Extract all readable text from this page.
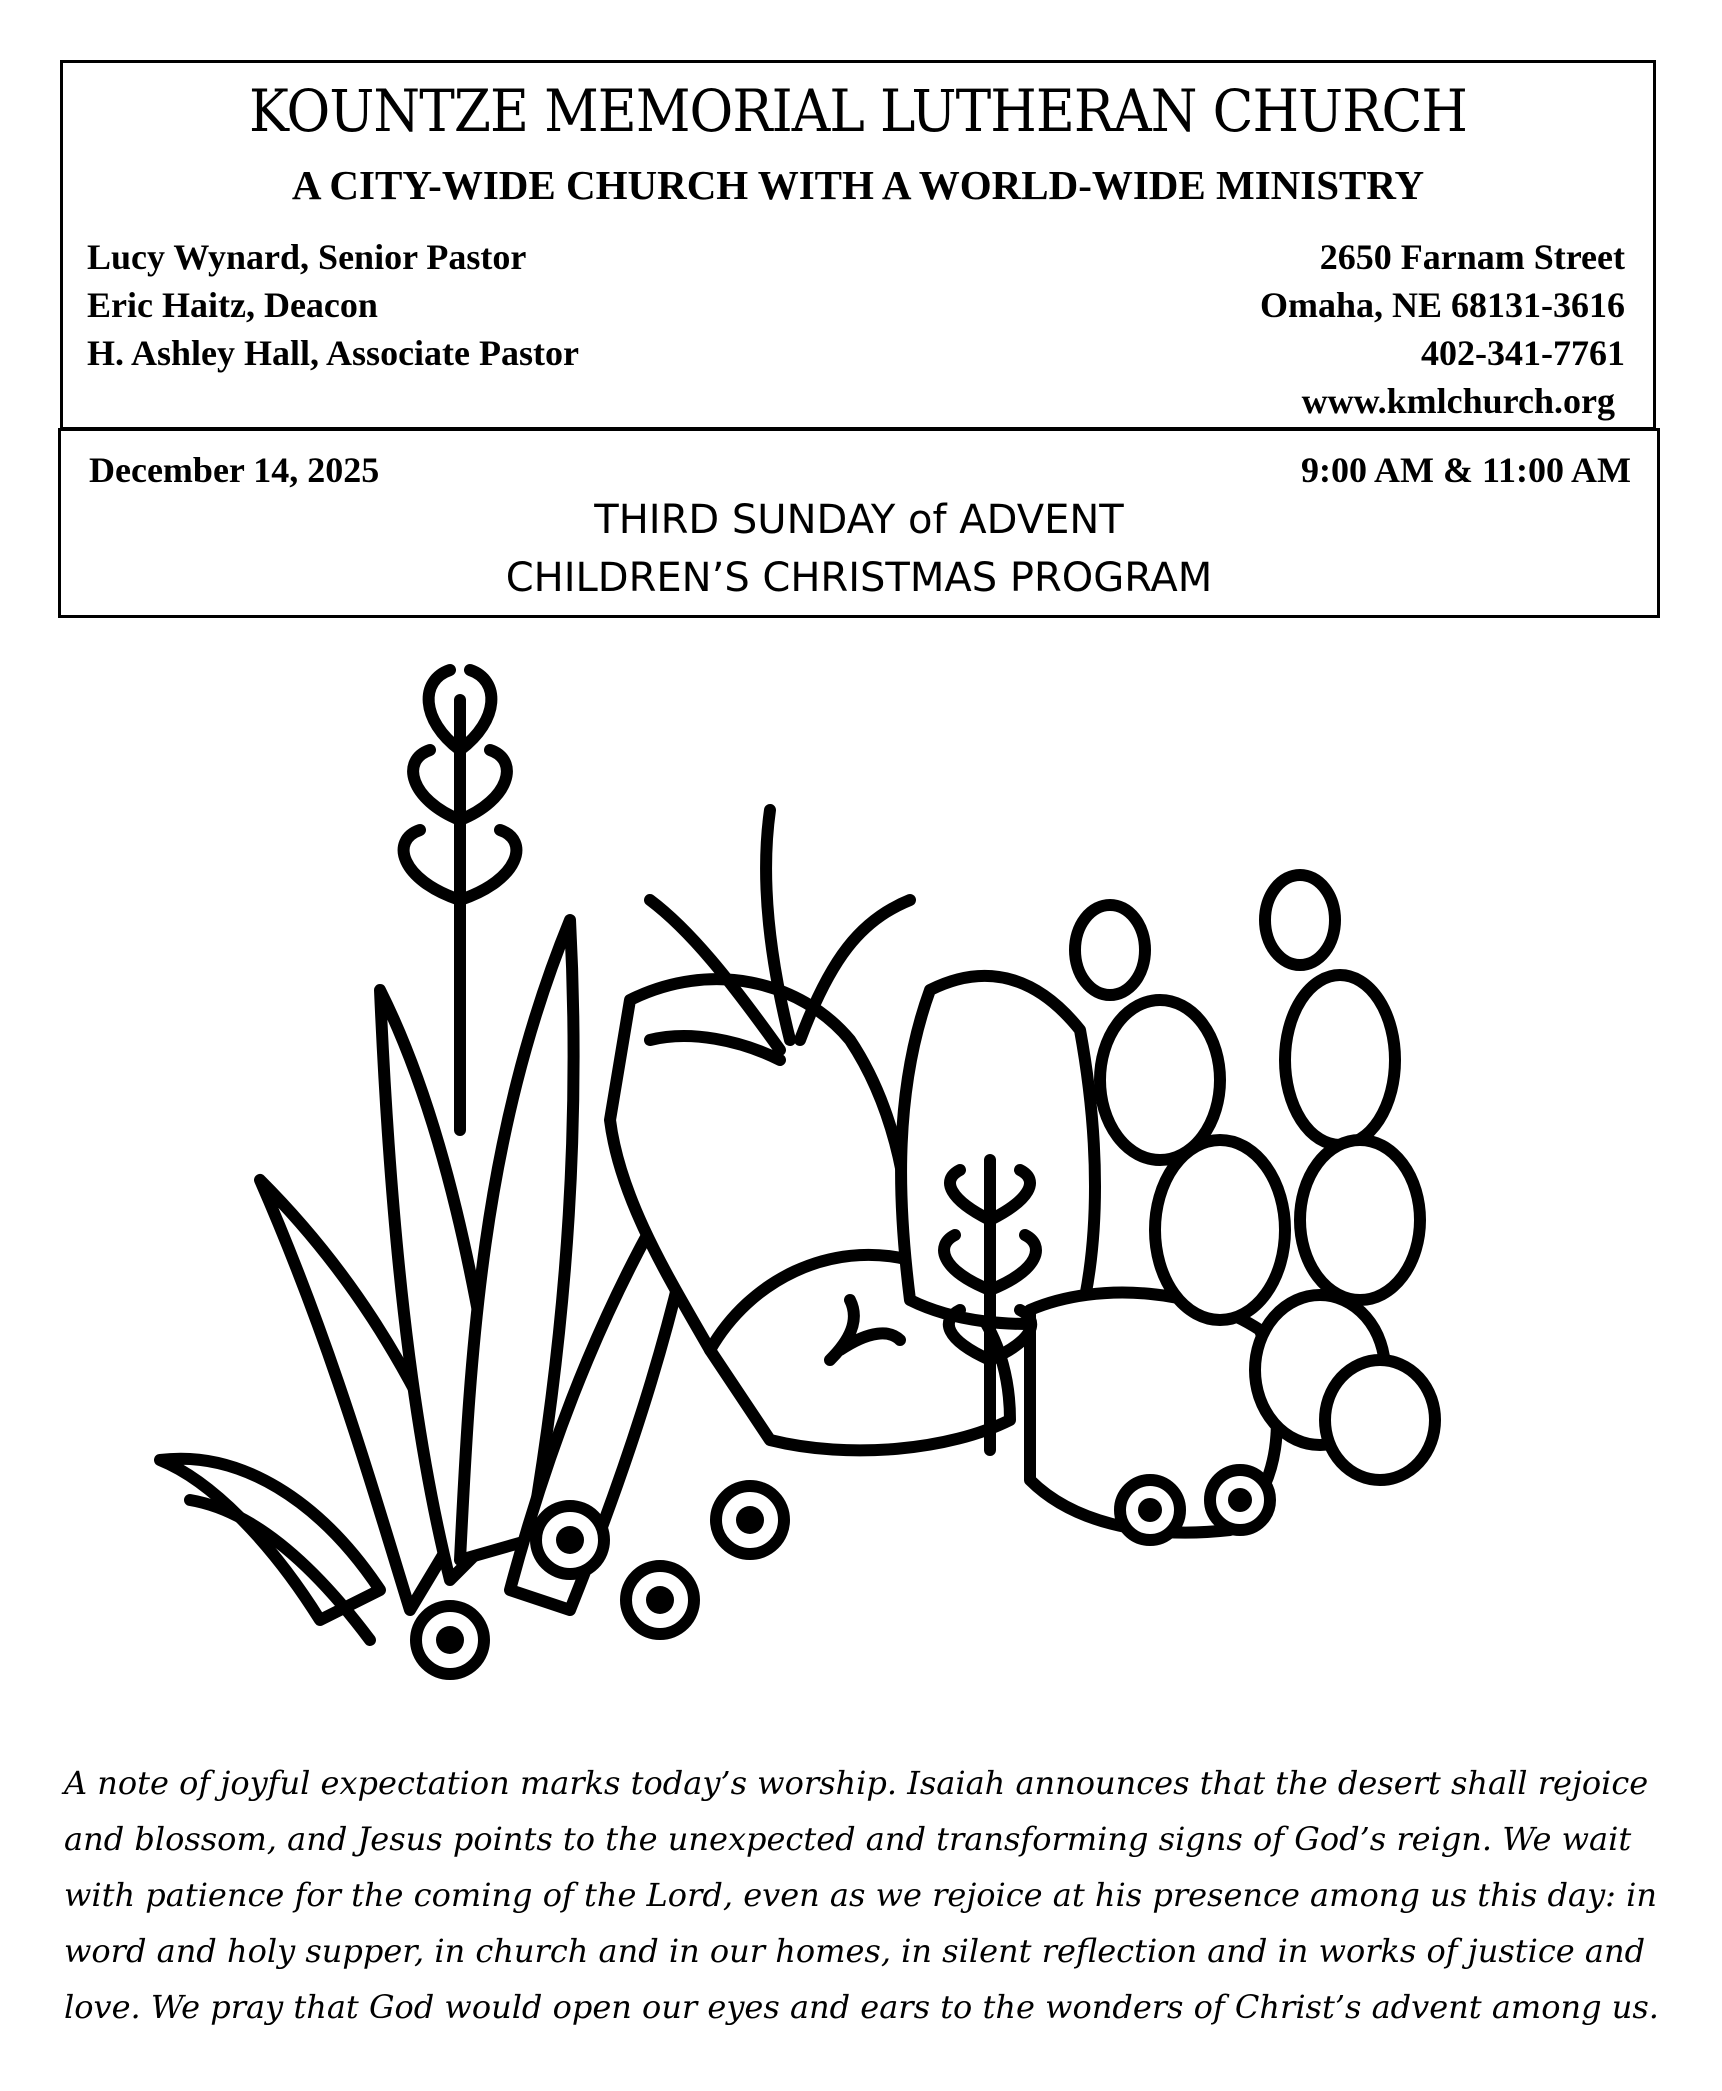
KOUNTZE MEMORIAL LUTHERAN CHURCH
A CITY-WIDE CHURCH WITH A WORLD-WIDE MINISTRY
Lucy Wynard, Senior Pastor
Eric Haitz, Deacon
H. Ashley Hall, Associate Pastor
2650 Farnam Street
Omaha, NE 68131-3616
402-341-7761
www.kmlchurch.org
December 14, 2025	9:00 AM & 11:00 AM
THIRD SUNDAY of ADVENT
CHILDREN’S CHRISTMAS PROGRAM
A note of joyful expectation marks today’s worship. Isaiah announces that the desert shall rejoice and blossom, and Jesus points to the unexpected and transforming signs of God’s reign. We wait with patience for the coming of the Lord, even as we rejoice at his presence among us this day: in word and holy supper, in church and in our homes, in silent reflection and in works of justice and love. We pray that God would open our eyes and ears to the wonders of Christ’s advent among us.
